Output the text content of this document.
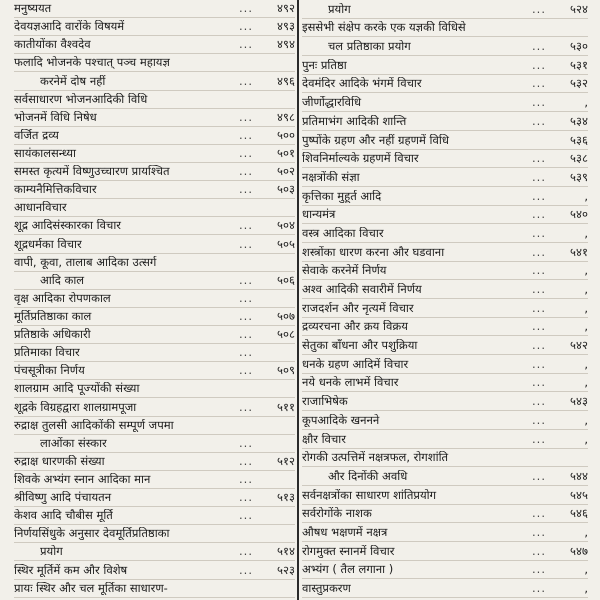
मनुष्ययत	...	४९२
देवयज्ञआदि वारोंके विषयमें	...	४९३
कातीयोंका वैश्वदेव	...	४९४
फलादि भोजनके पश्चात् पञ्च महायज्ञ
करनेमें दोष नहीं	...	४९६
सर्वसाधारण भोजनआदिकी विधि
भोजनमें विधि निषेध	...	४९८
वर्जित द्रव्य	...	५००
सायंकालसन्ध्या	...	५०१
समस्त कृत्यमें विष्णुउच्चारण प्रायश्चित	...	५०२
काम्यनैमित्तिकविचार	...	५०३
आधानविचार
शूद्र आदिसंस्कारका विचार	...	५०४
शूद्रधर्मका विचार	...	५०५
वापी, कूवा, तालाब आदिका उत्सर्ग
आदि काल	...	५०६
वृक्ष आदिका रोपणकाल	...
मूर्तिप्रतिष्ठाका काल	...	५०७
प्रतिष्ठाके अधिकारी	...	५०८
प्रतिमाका विचार	...
पंचसूत्रीका निर्णय	...	५०९
शालग्राम आदि पूज्योंकी संख्या
शूद्रके विग्रहद्वारा शालग्रामपूजा	...	५११
रुद्राक्ष तुलसी आदिकोंकी सम्पूर्ण जपमा
लाओंका संस्कार	...
रुद्राक्ष धारणकी संख्या	...	५१२
शिवके अभ्यंग स्नान आदिका मान	...
श्रीविष्णु आदि पंचायतन	...	५१३
केशव आदि चौबीस मूर्ति	...
निर्णयसिंधुके अनुसार देवमूर्तिप्रतिष्ठाका
प्रयोग	...	५१४
स्थिर मूर्तिमें कम और विशेष	...	५२३
प्रायः स्थिर और चल मूर्तिका साधारण-
प्रयोग	...	५२४
इससेभी संक्षेप करके एक यज्ञकी विधिसे
चल प्रतिष्ठाका प्रयोग	...	५३०
पुनः प्रतिष्ठा	...	५३१
देवमंदिर आदिके भंगमें विचार	...	५३२
जीर्णोद्धारविधि	...	,
प्रतिमाभंग आदिकी शान्ति	...	५३४
पुष्पोंके ग्रहण और नहीं ग्रहणमें विधि	५३६
शिवनिर्माल्यके ग्रहणमें विचार	...	५३८
नक्षत्रोंकी संज्ञा	...	५३९
कृत्तिका मुहूर्त आदि	...	,
धान्यमंत्र	...	५४०
वस्त्र आदिका विचार	...	,
शस्त्रोंका धारण करना और घडवाना	...	५४१
सेवाके करनेमें निर्णय	...	,
अश्व आदिकी सवारीमें निर्णय	...	,
राजदर्शन और नृत्यमें विचार	...	,
द्रव्यरचना और क्रय विक्रय	...	,
सेतुका बाँधना और पशुक्रिया	...	५४२
धनके ग्रहण आदिमें विचार	...	,
नये धनके लाभमें विचार	...	,
राजाभिषेक	...	५४३
कूपआदिके खननने	...	,
क्षौर विचार	...	,
रोगकी उत्पत्तिमें नक्षत्रफल, रोगशांति
और दिनोंकी अवधि	...	५४४
सर्वनक्षत्रोंका साधारण शांतिप्रयोग	५४५
सर्वरोगोंके नाशक	...	५४६
औषध भक्षणमें नक्षत्र	...	,
रोगमुक्त स्नानमें विचार	...	५४७
अभ्यंग ( तैल लगाना )	...	,
वास्तुप्रकरण	...	,
